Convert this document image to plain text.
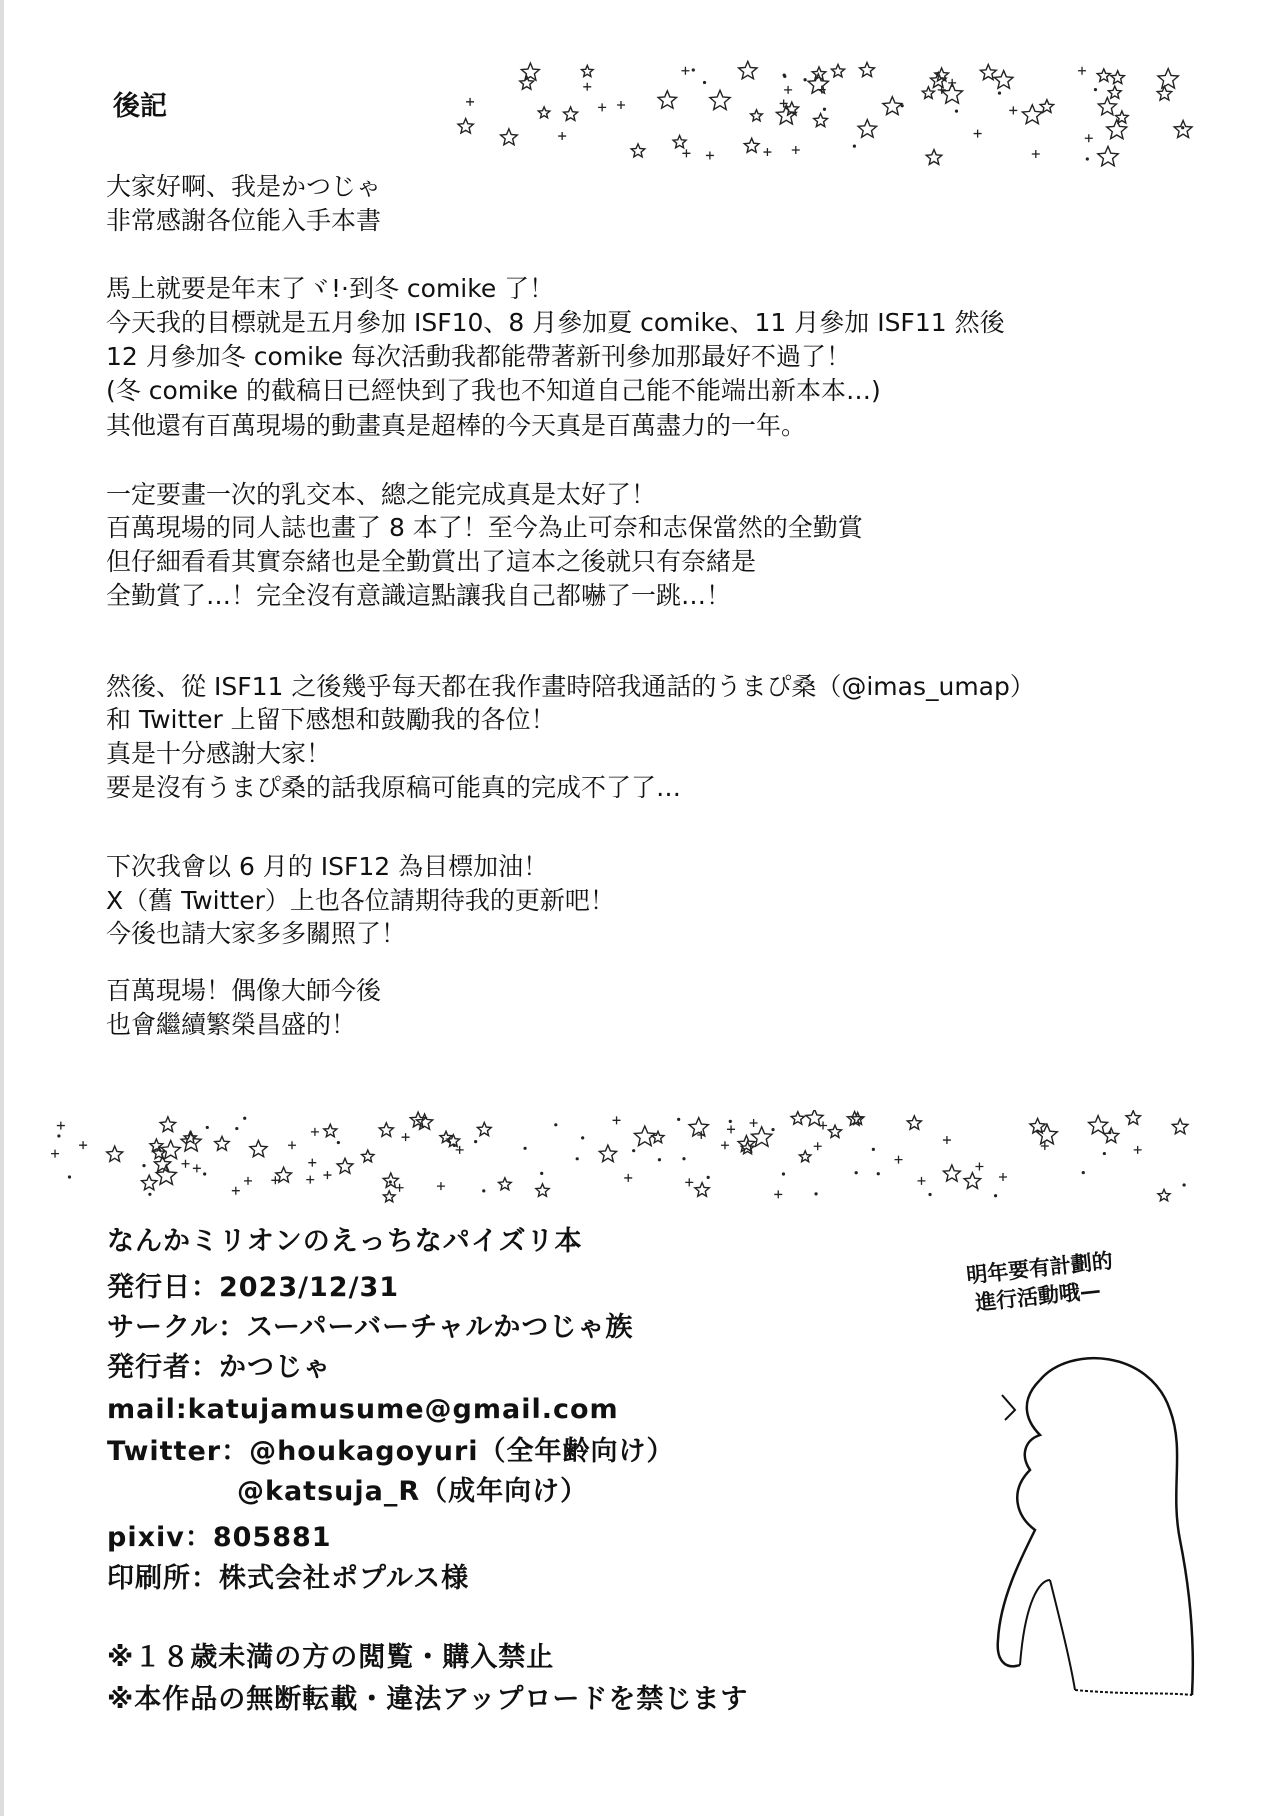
後記
大家好啊、我是かつじゃ
非常感謝各位能入手本書
馬上就要是年末了ヾ!·到冬 comike 了！
今天我的目標就是五月參加 ISF10、8 月參加夏 comike、11 月參加 ISF11 然後
12 月參加冬 comike 每次活動我都能帶著新刊參加那最好不過了！
(冬 comike 的截稿日已經快到了我也不知道自己能不能端出新本本…)
其他還有百萬現場的動畫真是超棒的今天真是百萬盡力的一年。
一定要畫一次的乳交本、總之能完成真是太好了！
百萬現場的同人誌也畫了 8 本了！至今為止可奈和志保當然的全勤賞
但仔細看看其實奈緒也是全勤賞出了這本之後就只有奈緒是
全勤賞了…！完全沒有意識這點讓我自己都嚇了一跳…！
然後、從 ISF11 之後幾乎每天都在我作畫時陪我通話的うまぴ桑（@imas_umap）
和 Twitter 上留下感想和鼓勵我的各位！
真是十分感謝大家！
要是沒有うまぴ桑的話我原稿可能真的完成不了了…
下次我會以 6 月的 ISF12 為目標加油！
X（舊 Twitter）上也各位請期待我的更新吧！
今後也請大家多多關照了！
百萬現場！偶像大師今後
也會繼續繁榮昌盛的！
なんかミリオンのえっちなパイズリ本
発行日：2023/12/31
サークル：スーパーバーチャルかつじゃ族
発行者：かつじゃ
mail:katujamusume@gmail.com
Twitter：@houkagoyuri（全年齢向け）
@katsuja_R（成年向け）
pixiv：805881
印刷所：株式会社ポプルス様
※１８歳未満の方の閲覧・購入禁止
※本作品の無断転載・違法アップロードを禁じます
明年要有計劃的
進行活動哦—
